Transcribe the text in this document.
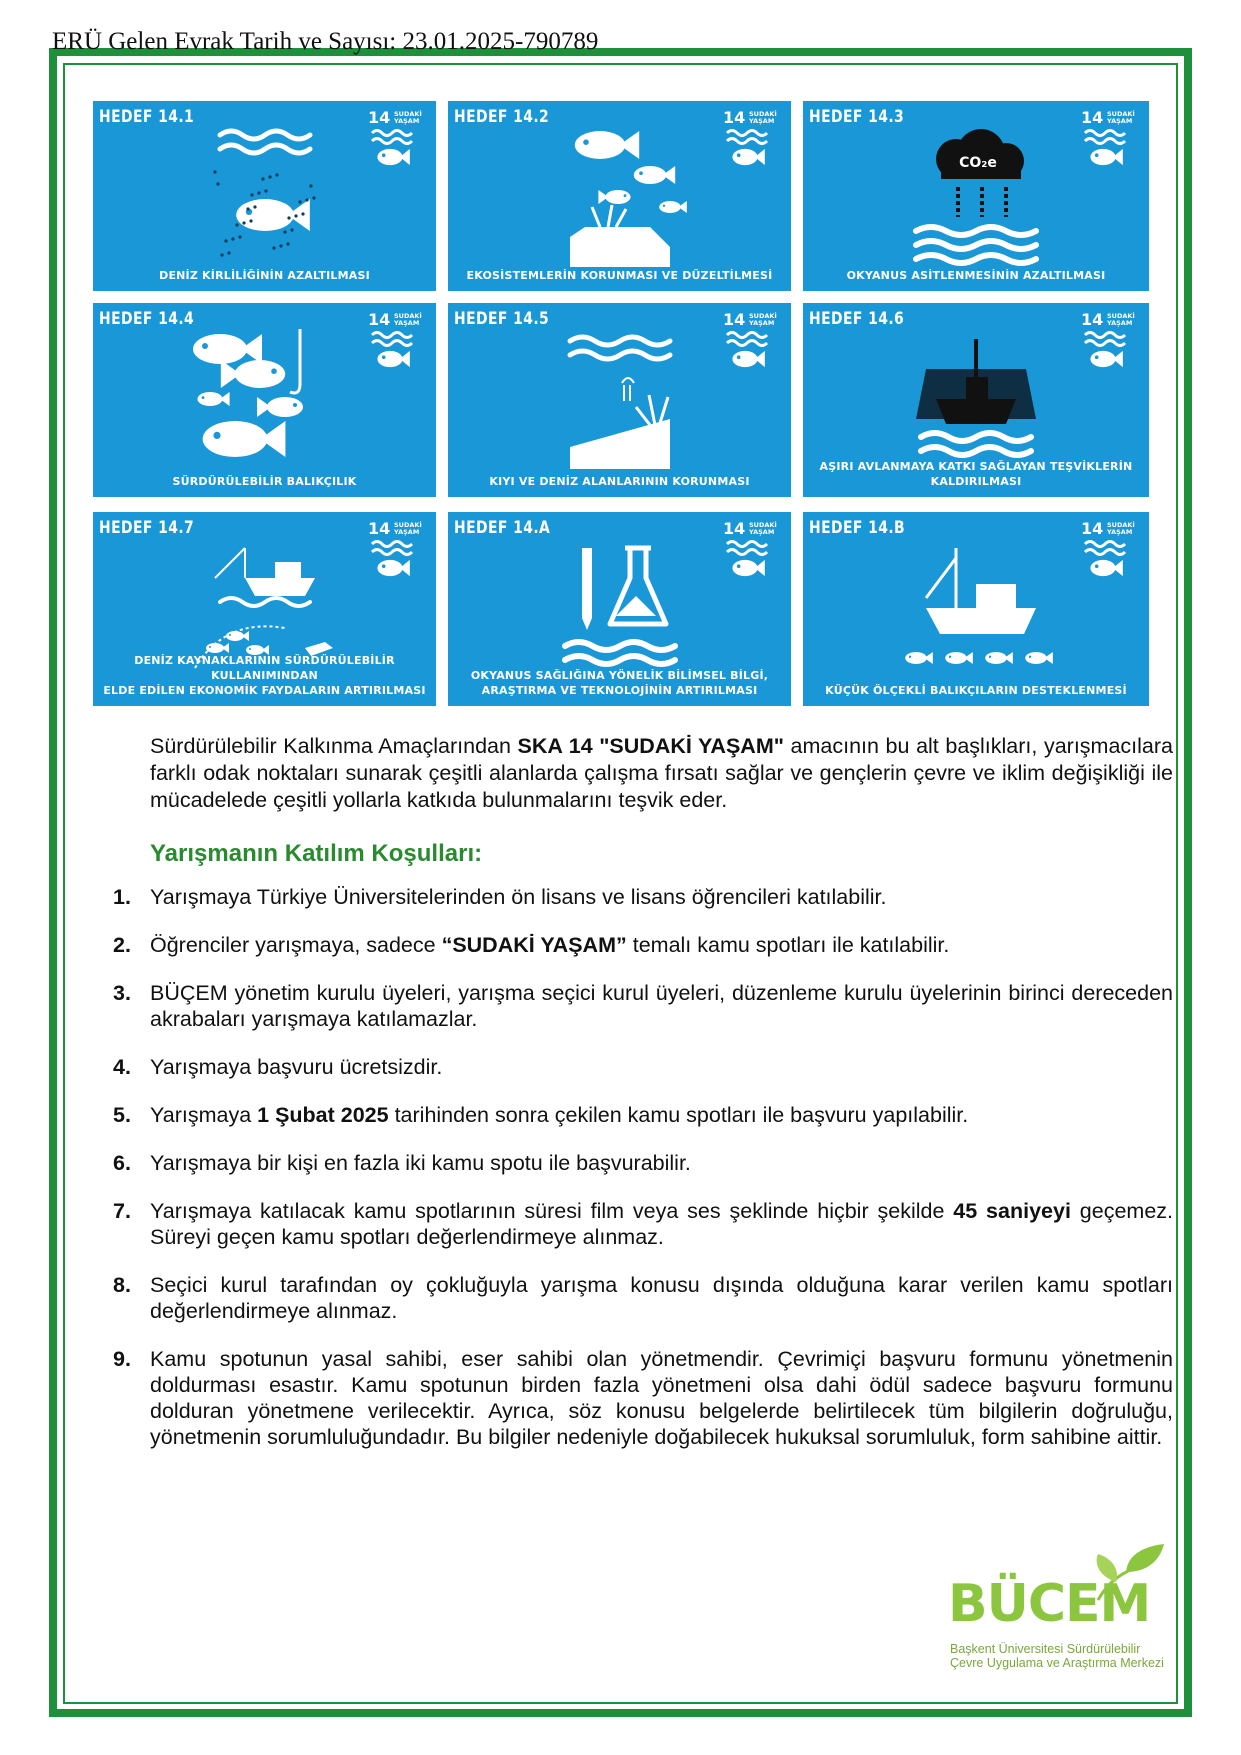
ERÜ Gelen Evrak Tarih ve Sayısı: 23.01.2025-790789
HEDEF 14.1	14 SUDAKİ
YAŞAM
DENİZ KİRLİLİĞİNİN AZALTILMASI
HEDEF 14.2	14 SUDAKİ
YAŞAM
EKOSİSTEMLERİN KORUNMASI VE DÜZELTİLMESİ
HEDEF 14.3	14 SUDAKİ
YAŞAM
CO₂e
OKYANUS ASİTLENMESİNİN AZALTILMASI
HEDEF 14.4	14 SUDAKİ
YAŞAM
SÜRDÜRÜLEBİLİR BALIKÇILIK
HEDEF 14.5	14 SUDAKİ
YAŞAM
KIYI VE DENİZ ALANLARININ KORUNMASI
HEDEF 14.6	14 SUDAKİ
YAŞAM
AŞIRI AVLANMAYA KATKI SAĞLAYAN TEŞVİKLERİN KALDIRILMASI
HEDEF 14.7	14 SUDAKİ
YAŞAM
DENİZ KAYNAKLARININ SÜRDÜRÜLEBİLİR KULLANIMINDAN
ELDE EDİLEN EKONOMİK FAYDALARIN ARTIRILMASI
HEDEF 14.A	14 SUDAKİ
YAŞAM
OKYANUS SAĞLIĞINA YÖNELİK BİLİMSEL BİLGİ,
ARAŞTIRMA VE TEKNOLOJİNİN ARTIRILMASI
HEDEF 14.B	14 SUDAKİ
YAŞAM
KÜÇÜK ÖLÇEKLİ BALIKÇILARIN DESTEKLENMESİ
Sürdürülebilir Kalkınma Amaçlarından SKA 14 "SUDAKİ YAŞAM" amacının bu alt başlıkları, yarışmacılara farklı odak noktaları sunarak çeşitli alanlarda çalışma fırsatı sağlar ve gençlerin çevre ve iklim değişikliği ile mücadelede çeşitli yollarla katkıda bulunmalarını teşvik eder.
Yarışmanın Katılım Koşulları:
1. Yarışmaya Türkiye Üniversitelerinden ön lisans ve lisans öğrencileri katılabilir.
2. Öğrenciler yarışmaya, sadece “SUDAKİ YAŞAM” temalı kamu spotları ile katılabilir.
3. BÜÇEM yönetim kurulu üyeleri, yarışma seçici kurul üyeleri, düzenleme kurulu üyelerinin birinci dereceden akrabaları yarışmaya katılamazlar.
4. Yarışmaya başvuru ücretsizdir.
5. Yarışmaya 1 Şubat 2025 tarihinden sonra çekilen kamu spotları ile başvuru yapılabilir.
6. Yarışmaya bir kişi en fazla iki kamu spotu ile başvurabilir.
7. Yarışmaya katılacak kamu spotlarının süresi film veya ses şeklinde hiçbir şekilde 45 saniyeyi geçemez. Süreyi geçen kamu spotları değerlendirmeye alınmaz.
8. Seçici kurul tarafından oy çokluğuyla yarışma konusu dışında olduğuna karar verilen kamu spotları değerlendirmeye alınmaz.
9. Kamu spotunun yasal sahibi, eser sahibi olan yönetmendir. Çevrimiçi başvuru formunu yönetmenin doldurması esastır. Kamu spotunun birden fazla yönetmeni olsa dahi ödül sadece başvuru formunu dolduran yönetmene verilecektir. Ayrıca, söz konusu belgelerde belirtilecek tüm bilgilerin doğruluğu, yönetmenin sorumluluğundadır. Bu bilgiler nedeniyle doğabilecek hukuksal sorumluluk, form sahibine aittir.
BÜCEM
Başkent Üniversitesi Sürdürülebilir
Çevre Uygulama ve Araştırma Merkezi
